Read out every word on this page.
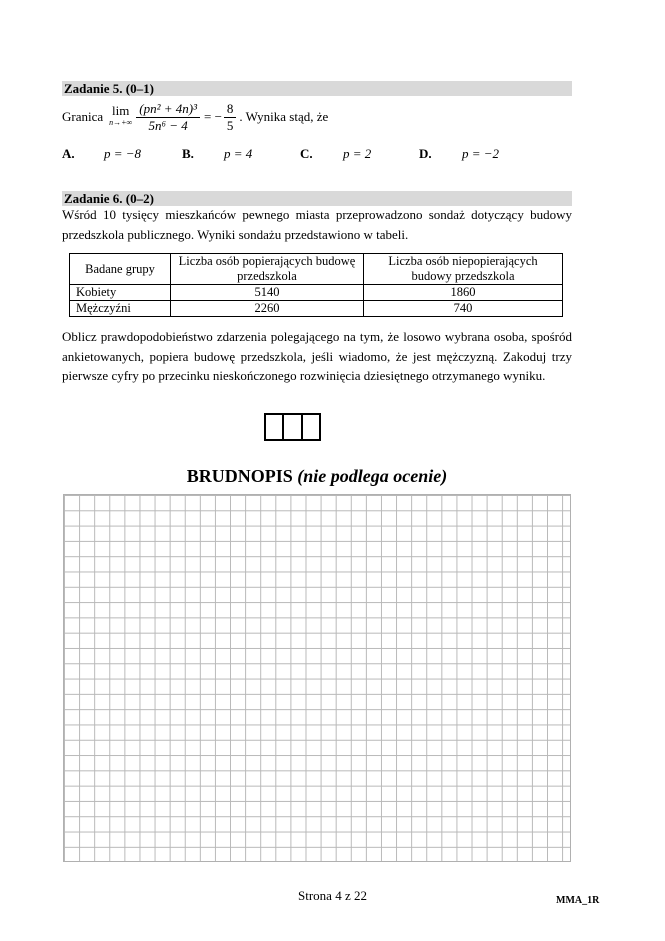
Zadanie 5. (0–1)
Granica lim
$n\to+\infty \frac{\text{(pn² + 4n)³}}{\text{5n⁶ − 4}}$ = − $\frac{8}{5}$ . Wynika stąd, że
A. p = −8	B. p = 4	C. p = 2	D. p = −2
Zadanie 6. (0–2)
Wśród 10 tysięcy mieszkańców pewnego miasta przeprowadzono sondaż dotyczący budowy przedszkola publicznego. Wyniki sondażu przedstawiono w tabeli.
Badane grupy	Liczba osób popierających budowę przedszkola	Liczba osób niepopierających budowy przedszkola
Kobiety	5140	1860
Mężczyźni	2260	740
Oblicz prawdopodobieństwo zdarzenia polegającego na tym, że losowo wybrana osoba, spośród ankietowanych, popiera budowę przedszkola, jeśli wiadomo, że jest mężczyzną. Zakoduj trzy pierwsze cyfry po przecinku nieskończonego rozwinięcia dziesiętnego otrzymanego wyniku.
BRUDNOPIS (nie podlega ocenie)
Strona 4 z 22	MMA_1R
